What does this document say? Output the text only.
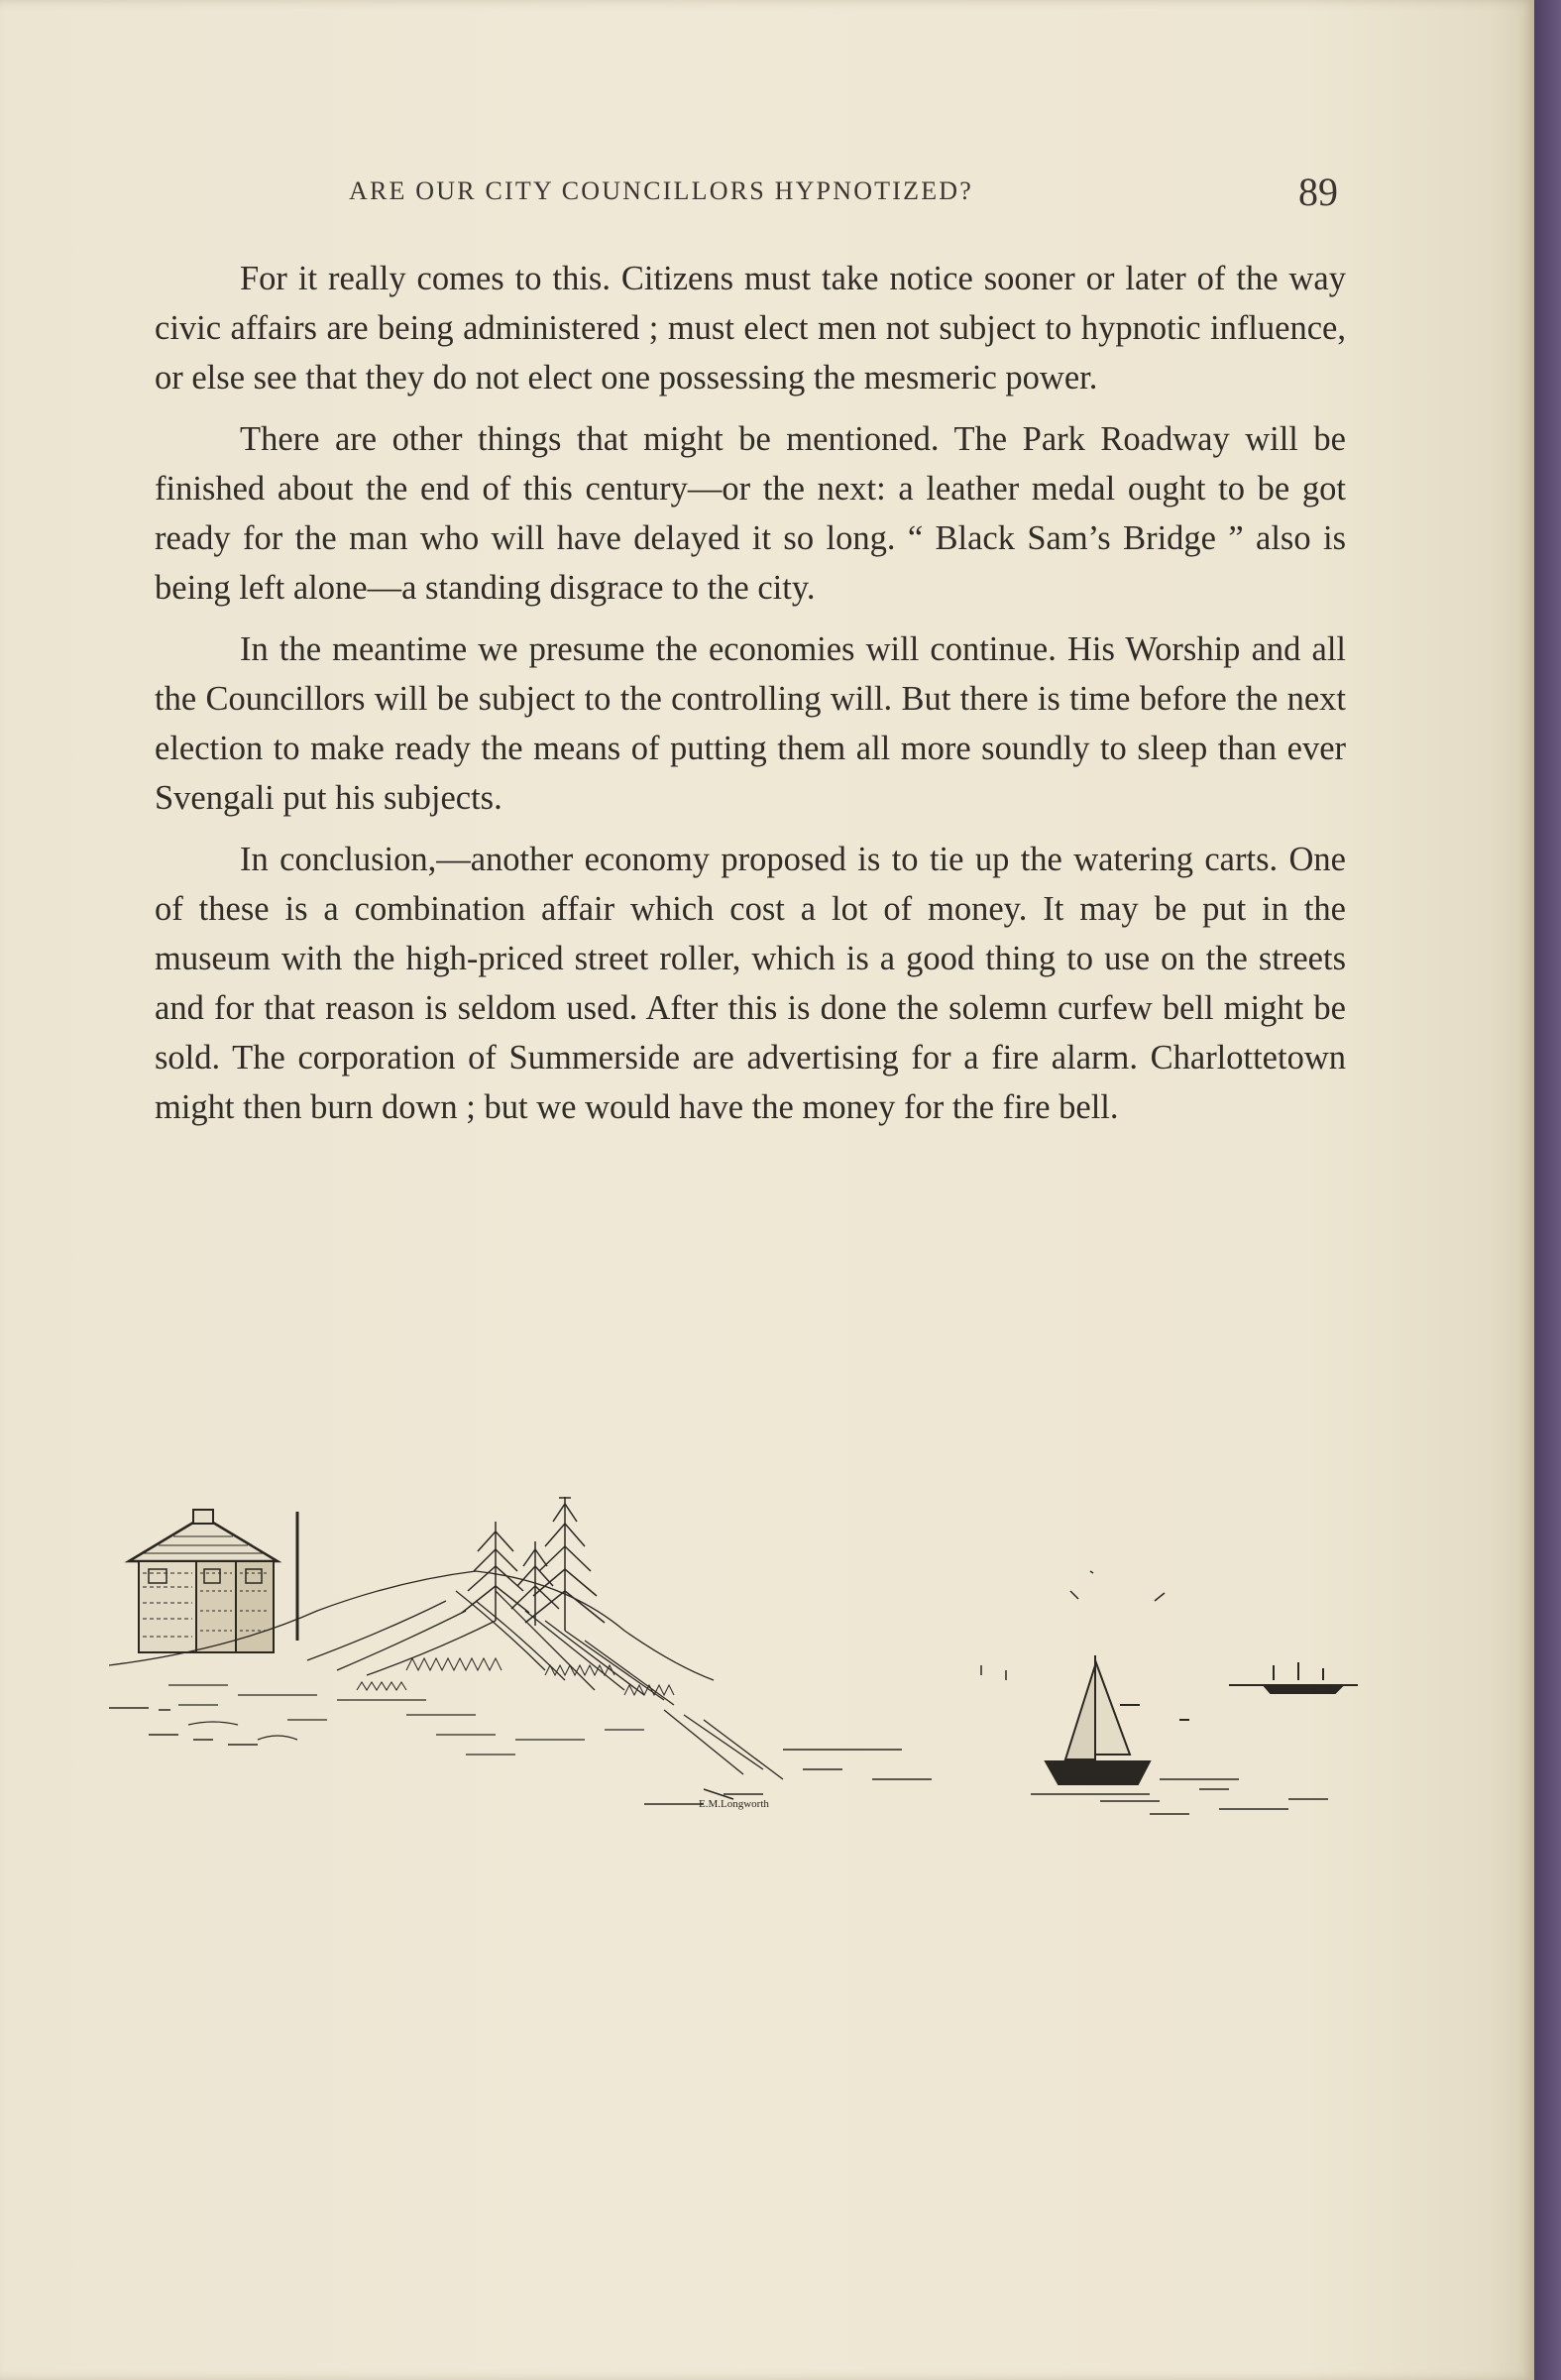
ARE OUR CITY COUNCILLORS HYPNOTIZED?	89

For it really comes to this. Citizens must take notice sooner or later of the way civic affairs are being administered ; must elect men not subject to hypnotic influence, or else see that they do not elect one possessing the mesmeric power.

There are other things that might be mentioned. The Park Roadway will be finished about the end of this century—or the next: a leather medal ought to be got ready for the man who will have delayed it so long. “ Black Sam’s Bridge ” also is being left alone—a standing disgrace to the city.

In the meantime we presume the economies will continue. His Worship and all the Councillors will be subject to the controlling will. But there is time before the next election to make ready the means of putting them all more soundly to sleep than ever Svengali put his subjects.

In conclusion,—another economy proposed is to tie up the watering carts. One of these is a combination affair which cost a lot of money. It may be put in the museum with the high-priced street roller, which is a good thing to use on the streets and for that reason is seldom used. After this is done the solemn curfew bell might be sold. The corporation of Summerside are advertising for a fire alarm. Charlottetown might then burn down ; but we would have the money for the fire bell.

E.M.Longworth
